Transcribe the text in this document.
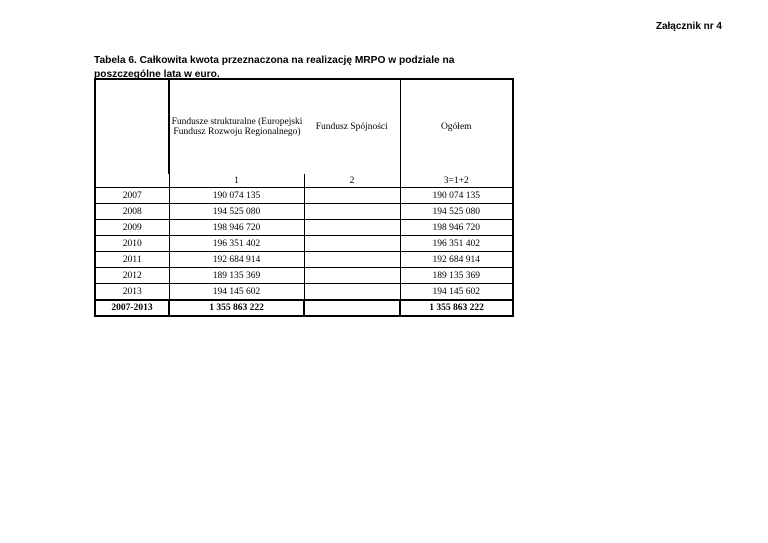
Załącznik nr 4
Tabela 6. Całkowita kwota przeznaczona na realizację MRPO w podziale na poszczególne lata w euro.
	Fundusze strukturalne (Europejski Fundusz Rozwoju Regionalnego)	Fundusz Spójności	Ogółem
	1	2	3=1+2
2007	190 074 135		190 074 135
2008	194 525 080		194 525 080
2009	198 946 720		198 946 720
2010	196 351 402		196 351 402
2011	192 684 914		192 684 914
2012	189 135 369		189 135 369
2013	194 145 602		194 145 602
2007-2013	1 355 863 222		1 355 863 222
